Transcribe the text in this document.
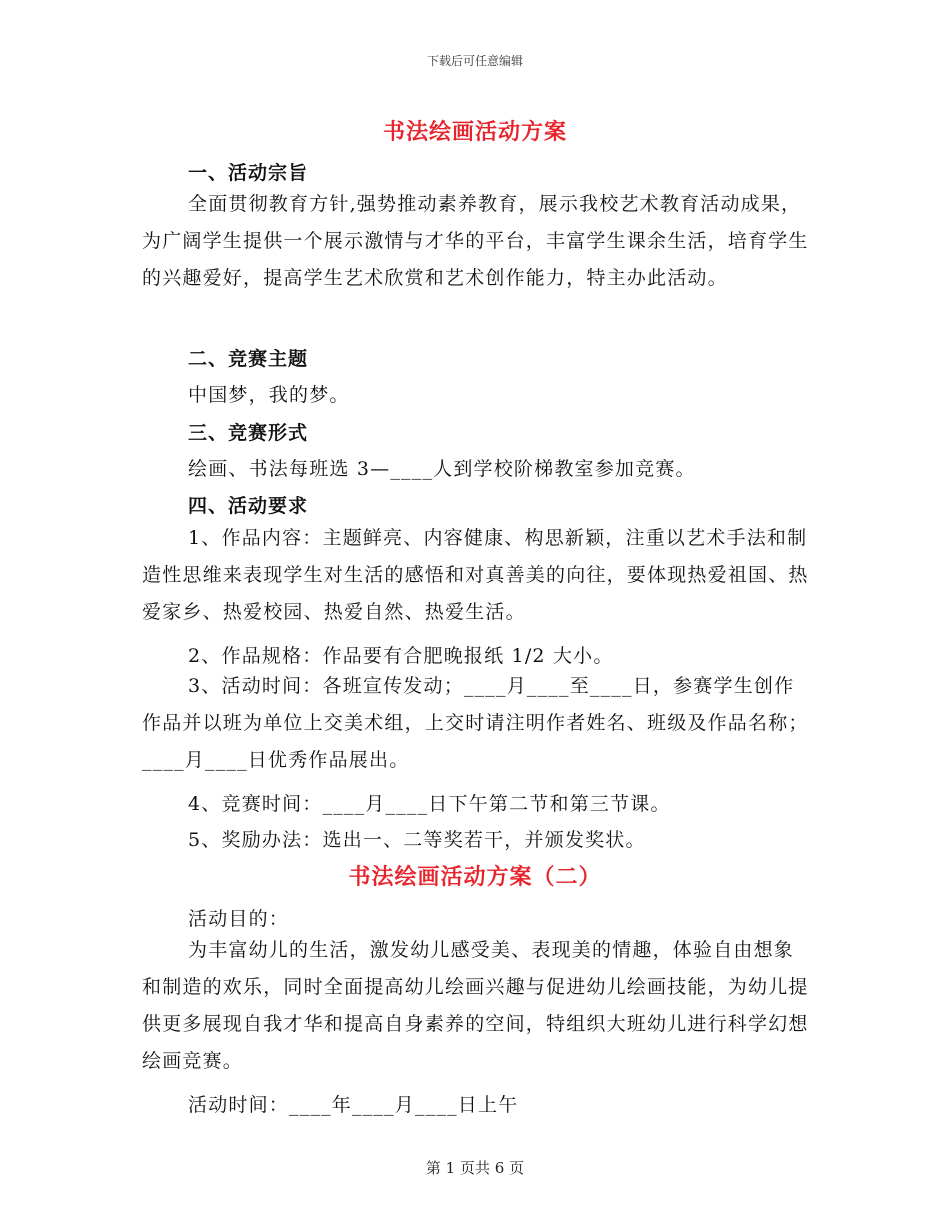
下载后可任意编辑
书法绘画活动方案
一、活动宗旨
全面贯彻教育方针,强势推动素养教育，展示我校艺术教育活动成果，为广阔学生提供一个展示激情与才华的平台，丰富学生课余生活，培育学生的兴趣爱好，提高学生艺术欣赏和艺术创作能力，特主办此活动。
二、竞赛主题
中国梦，我的梦。
三、竞赛形式
绘画、书法每班选 3—____人到学校阶梯教室参加竞赛。
四、活动要求
1、作品内容：主题鲜亮、内容健康、构思新颖，注重以艺术手法和制造性思维来表现学生对生活的感悟和对真善美的向往，要体现热爱祖国、热爱家乡、热爱校园、热爱自然、热爱生活。
2、作品规格：作品要有合肥晚报纸 1/2 大小。
3、活动时间：各班宣传发动；____月____至____日，参赛学生创作作品并以班为单位上交美术组，上交时请注明作者姓名、班级及作品名称；____月____日优秀作品展出。
4、竞赛时间：____月____日下午第二节和第三节课。
5、奖励办法：选出一、二等奖若干，并颁发奖状。
书法绘画活动方案（二）
活动目的：
为丰富幼儿的生活，激发幼儿感受美、表现美的情趣，体验自由想象和制造的欢乐，同时全面提高幼儿绘画兴趣与促进幼儿绘画技能，为幼儿提供更多展现自我才华和提高自身素养的空间，特组织大班幼儿进行科学幻想绘画竞赛。
活动时间：____年____月____日上午
第 1 页共 6 页
